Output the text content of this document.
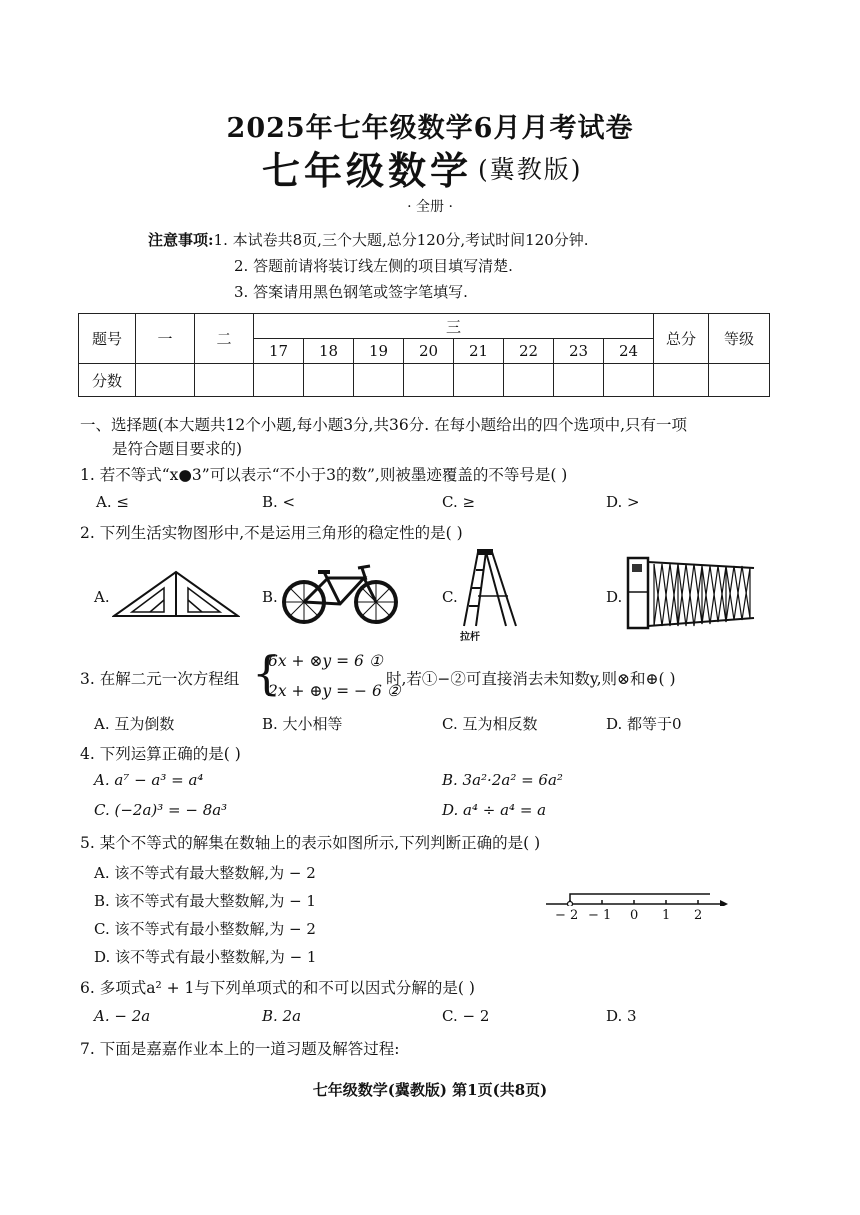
2025年七年级数学6月月考试卷
七年级数学 (冀教版)
· 全册 ·
注意事项:1. 本试卷共8页,三个大题,总分120分,考试时间120分钟.
2. 答题前请将装订线左侧的项目填写清楚.
3. 答案请用黑色钢笔或签字笔填写.
题号	一	二	三								总分	等级
			17	18	19	20	21	22	23	24		
分数												
一、选择题(本大题共12个小题,每小题3分,共36分. 在每小题给出的四个选项中,只有一项
是符合题目要求的)
1. 若不等式“x●3”可以表示“不小于3的数”,则被墨迹覆盖的不等号是( )
A. ≤	B. <	C. ≥	D. >
2. 下列生活实物图形中,不是运用三角形的稳定性的是( )
A.	B.	C.	D.
拉杆
3. 在解二元一次方程组 {
6x + ⊗y = 6 ①
2x + ⊕y = − 6 ②
时,若①−②可直接消去未知数y,则⊗和⊕( )
A. 互为倒数	B. 大小相等	C. 互为相反数	D. 都等于0
4. 下列运算正确的是( )
A. a⁷ − a³ = a⁴	B. 3a²·2a² = 6a²
C. (−2a)³ = − 8a³	D. a⁴ ÷ a⁴ = a
5. 某个不等式的解集在数轴上的表示如图所示,下列判断正确的是( )
A. 该不等式有最大整数解,为 − 2
B. 该不等式有最大整数解,为 − 1
C. 该不等式有最小整数解,为 − 2
D. 该不等式有最小整数解,为 − 1
− 2 − 1 0 1 2
6. 多项式a² + 1与下列单项式的和不可以因式分解的是( )
A. − 2a	B. 2a	C. − 2	D. 3
7. 下面是嘉嘉作业本上的一道习题及解答过程:
七年级数学(冀教版) 第1页(共8页)
